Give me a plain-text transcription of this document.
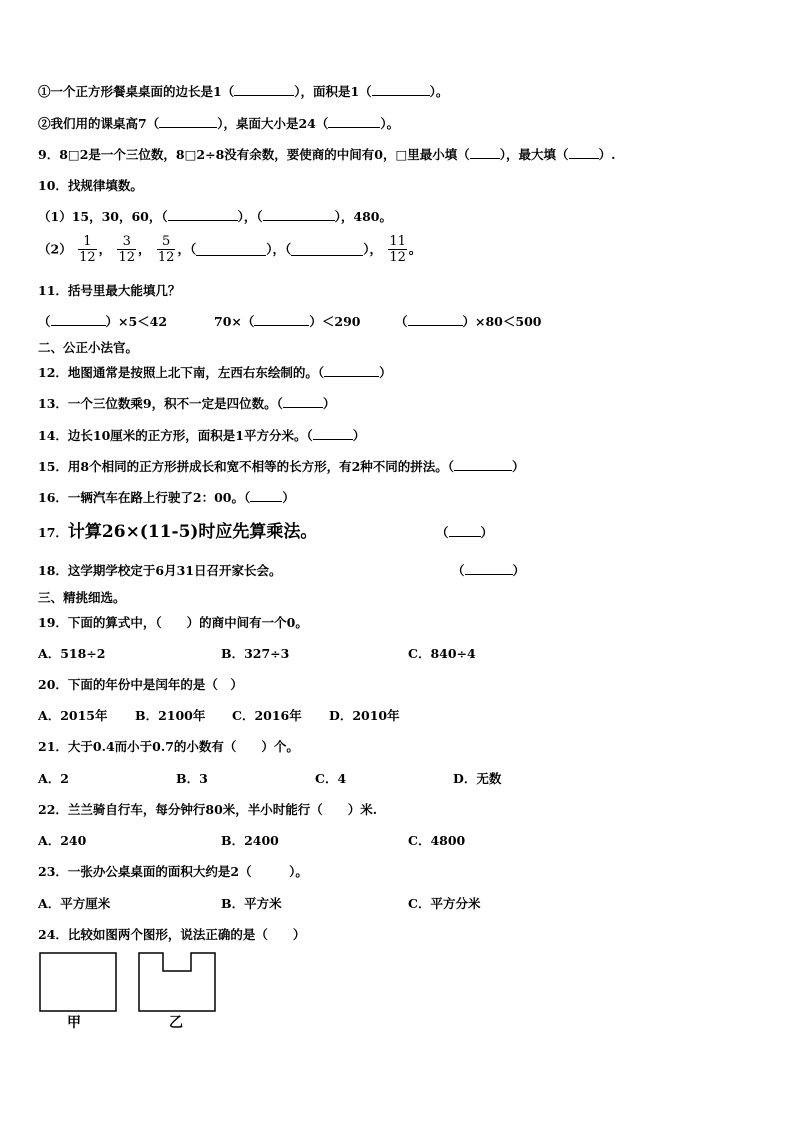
①一个正方形餐桌桌面的边长是1（	），面积是1（	）。
②我们用的课桌高7（	），桌面大小是24（	）。
9．8□2是一个三位数，8□2÷8没有余数，要使商的中间有0，□里最小填（ ），最大填（ ）.
10．找规律填数。
（1）15，30，60，（	），（	），480。
$(2) \frac{1}{12}$ ， $\frac{3}{12}$ ， $\frac{5}{12}$ ，（	），（	）， $\frac{11}{12}$ 。
11．括号里最大能填几？
（	）×5＜42	70×（	）＜290	（	）×80＜500
二、公正小法官。
12．地图通常是按照上北下南，左西右东绘制的。（	）
13．一个三位数乘9，积不一定是四位数。（	）
14．边长10厘米的正方形，面积是1平方分米。（	）
15．用8个相同的正方形拼成长和宽不相等的长方形，有2种不同的拼法。（	）
16．一辆汽车在路上行驶了2：00。（	）
17．计算26×(11-5)时应先算乘法。	（	）
18．这学期学校定于6月31日召开家长会。	（	）
三、精挑细选。
19．下面的算式中，（　　）的商中间有一个0。
A．518÷2	B．327÷3	C．840÷4
20．下面的年份中是闰年的是（　）
A．2015年 B．2100年 C．2016年 D．2010年
21．大于0.4而小于0.7的小数有（　　）个。
A．2	B．3	C．4	D．无数
22．兰兰骑自行车，每分钟行80米，半小时能行（　　）米.
A．240	B．2400	C．4800
23．一张办公桌桌面的面积大约是2（　　　）。
A．平方厘米	B．平方米	C．平方分米
24．比较如图两个图形，说法正确的是（　　）
甲	乙
